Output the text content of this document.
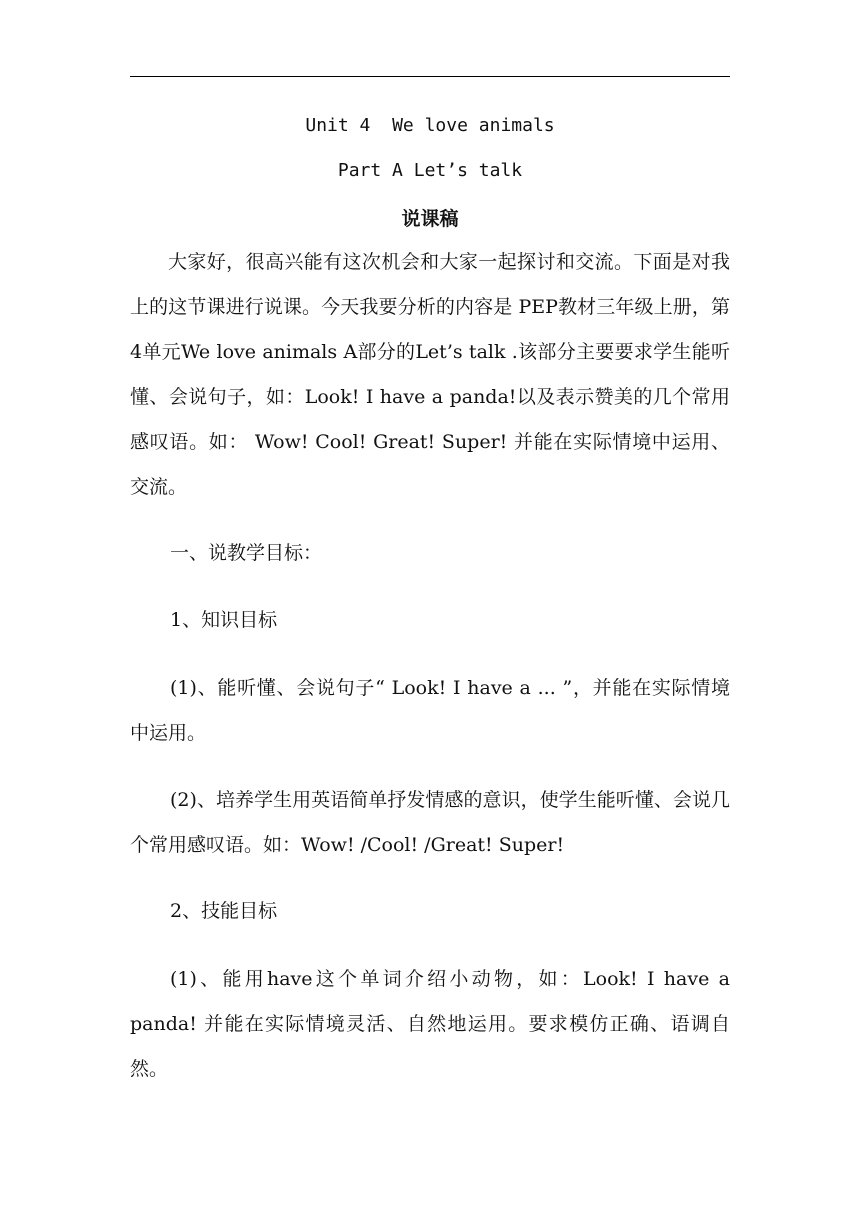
Unit 4  We love animals
Part A Let’s talk
说课稿
大家好，很高兴能有这次机会和大家一起探讨和交流。下面是对我上的这节课进行说课。今天我要分析的内容是 PEP教材三年级上册，第4单元We love animals A部分的Let’s talk .该部分主要要求学生能听懂、会说句子，如：Look! I have a panda!以及表示赞美的几个常用感叹语。如： Wow! Cool! Great! Super! 并能在实际情境中运用、交流。
一、说教学目标：
1、知识目标
(1)、能听懂、会说句子“ Look! I have a ... ”，并能在实际情境中运用。
(2)、培养学生用英语简单抒发情感的意识，使学生能听懂、会说几个常用感叹语。如：Wow! /Cool! /Great! Super!
2、技能目标
(1)、能用have这个单词介绍小动物，如：Look! I have a panda! 并能在实际情境灵活、自然地运用。要求模仿正确、语调自然。
